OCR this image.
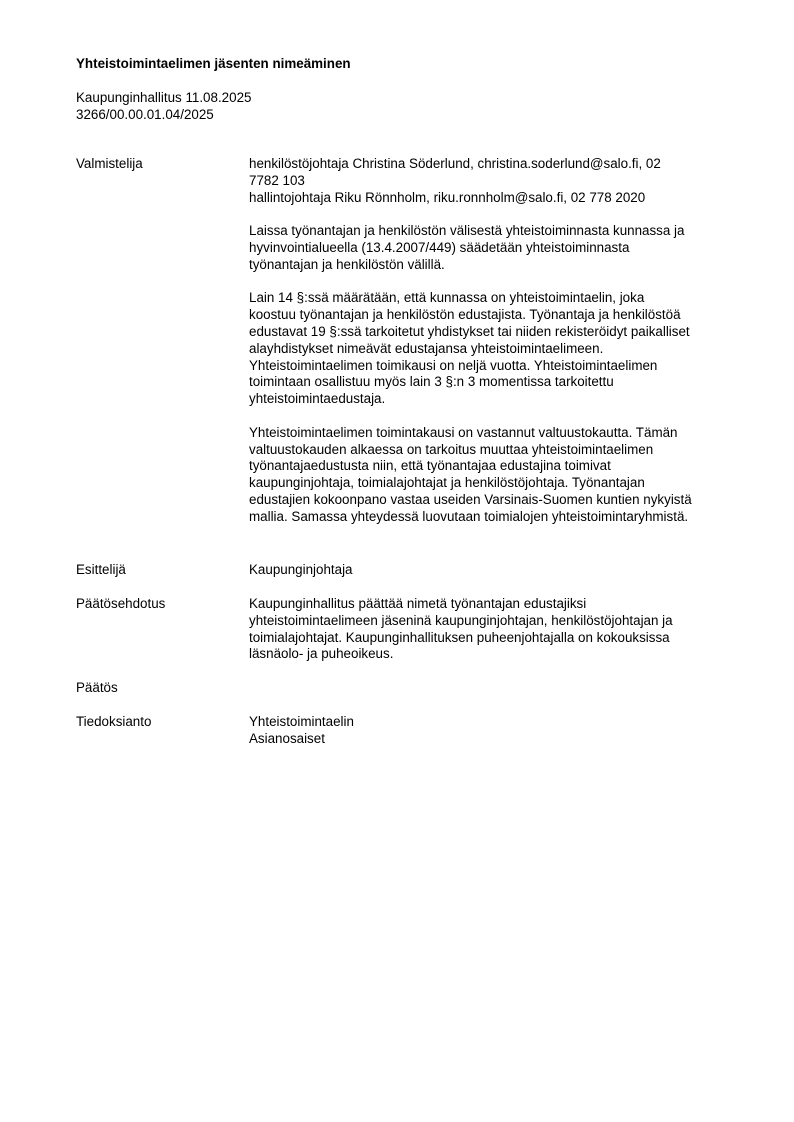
Yhteistoimintaelimen jäsenten nimeäminen
Kaupunginhallitus 11.08.2025
3266/00.00.01.04/2025
Valmistelija	henkilöstöjohtaja Christina Söderlund, christina.soderlund@salo.fi, 02
7782 103
hallintojohtaja Riku Rönnholm, riku.ronnholm@salo.fi, 02 778 2020
Laissa työnantajan ja henkilöstön välisestä yhteistoiminnasta kunnassa ja
hyvinvointialueella (13.4.2007/449) säädetään yhteistoiminnasta
työnantajan ja henkilöstön välillä.
Lain 14 §:ssä määrätään, että kunnassa on yhteistoimintaelin, joka
koostuu työnantajan ja henkilöstön edustajista. Työnantaja ja henkilöstöä
edustavat 19 §:ssä tarkoitetut yhdistykset tai niiden rekisteröidyt paikalliset
alayhdistykset nimeävät edustajansa yhteistoimintaelimeen.
Yhteistoimintaelimen toimikausi on neljä vuotta. Yhteistoimintaelimen
toimintaan osallistuu myös lain 3 §:n 3 momentissa tarkoitettu
yhteistoimintaedustaja.
Yhteistoimintaelimen toimintakausi on vastannut valtuustokautta. Tämän
valtuustokauden alkaessa on tarkoitus muuttaa yhteistoimintaelimen
työnantajaedustusta niin, että työnantajaa edustajina toimivat
kaupunginjohtaja, toimialajohtajat ja henkilöstöjohtaja. Työnantajan
edustajien kokoonpano vastaa useiden Varsinais-Suomen kuntien nykyistä
mallia. Samassa yhteydessä luovutaan toimialojen yhteistoimintaryhmistä.
Esittelijä	Kaupunginjohtaja
Päätösehdotus	Kaupunginhallitus päättää nimetä työnantajan edustajiksi
yhteistoimintaelimeen jäseninä kaupunginjohtajan, henkilöstöjohtajan ja
toimialajohtajat. Kaupunginhallituksen puheenjohtajalla on kokouksissa
läsnäolo- ja puheoikeus.
Päätös
Tiedoksianto	Yhteistoimintaelin
Asianosaiset
